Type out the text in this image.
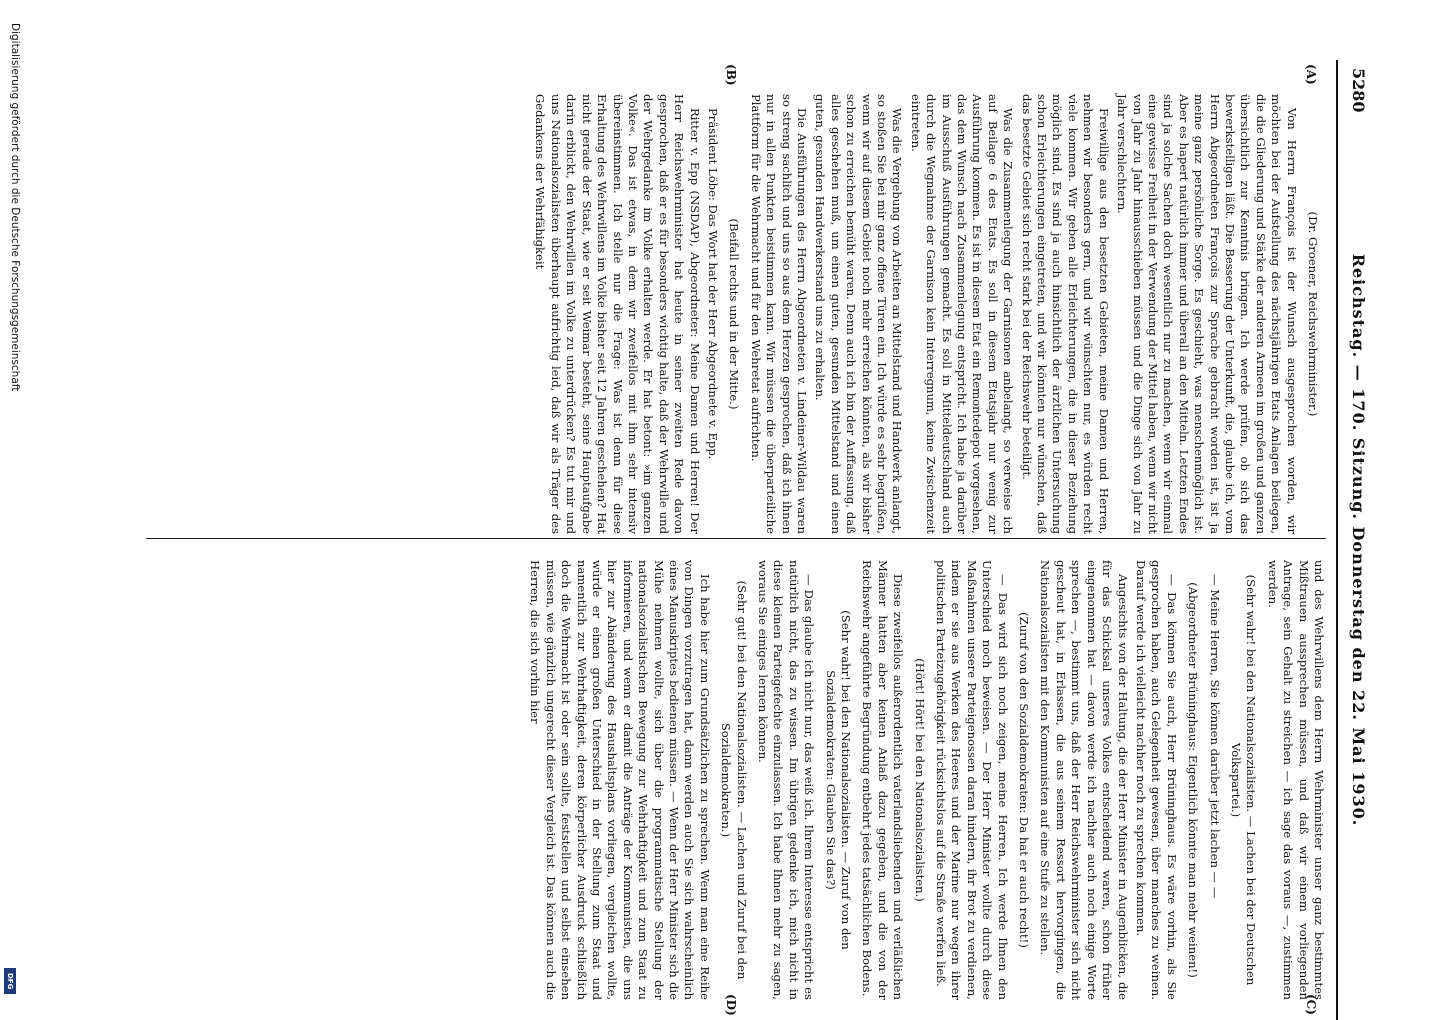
5280
Reichstag. — 170. Sitzung. Donnerstag den 22. Mai 1930.
(A)
(B)
(C)
(D)

(Dr. Groener, Reichswehrminister.)

Von Herrn François ist der Wunsch ausgesprochen worden, wir möchten bei der Aufstellung des nächstjährigen Etats Anlagen beilegen, die die Gliederung und Stärke der anderen Armeen im großen und ganzen übersichtlich zur Kenntnis bringen. Ich werde prüfen, ob sich das bewerkstelligen läßt. Die Besserung der Unterkunft, die, glaube ich, vom Herrn Abgeordneten François zur Sprache gebracht worden ist, ist ja meine ganz persönliche Sorge. Es geschieht, was menschenmöglich ist. Aber es hapert natürlich immer und überall an den Mitteln. Letzten Endes sind ja solche Sachen doch wesentlich nur zu machen, wenn wir einmal eine gewisse Freiheit in der Verwendung der Mittel haben, wenn wir nicht von Jahr zu Jahr hinausschieben müssen und die Dinge sich von Jahr zu Jahr verschlechtern.

Freiwillige aus den besetzten Gebieten, meine Damen und Herren, nehmen wir besonders gern, und wir wünschten nur, es würden recht viele kommen. Wir geben alle Erleichterungen, die in dieser Beziehung möglich sind. Es sind ja auch hinsichtlich der ärztlichen Untersuchung schon Erleichterungen eingetreten, und wir könnten nur wünschen, daß das besetzte Gebiet sich recht stark bei der Reichswehr beteiligt.

Was die Zusammenlegung der Garnisonen anbelangt, so verweise ich auf Beilage 6 des Etats. Es soll in diesem Etatsjahr nur wenig zur Ausführung kommen. Es ist in diesem Etat ein Remontedepot vorgesehen, das dem Wunsch nach Zusammenlegung entspricht. Ich habe ja darüber im Ausschuß Ausführungen gemacht. Es soll in Mitteldeutschland auch durch die Wegnahme der Garnison kein Interregnum, keine Zwischenzeit eintreten.

Was die Vergebung von Arbeiten an Mittelstand und Handwerk anlangt, so stoßen Sie bei mir ganz offene Türen ein. Ich würde es sehr begrüßen, wenn wir auf diesem Gebiet noch mehr erreichen könnten, als wir bisher schon zu erreichen bemüht waren. Denn auch ich bin der Auffassung, daß alles geschehen muß, um einen guten, gesunden Mittelstand und einen guten, gesunden Handwerkerstand uns zu erhalten.

Die Ausführungen des Herrn Abgeordneten v. Lindeiner-Wildau waren so streng sachlich und uns so aus dem Herzen gesprochen, daß ich ihnen nur in allen Punkten beistimmen kann. Wir müssen die überparteiliche Plattform für die Wehrmacht und für den Wehretat aufrichten.

(Beifall rechts und in der Mitte.)

Präsident Löbe: Das Wort hat der Herr Abgeordnete v. Epp.

Ritter v. Epp (NSDAP), Abgeordneter: Meine Damen und Herren! Der Herr Reichswehrminister hat heute in seiner zweiten Rede davon gesprochen, daß er es für besonders wichtig halte, daß der Wehrwille und der Wehrgedanke im Volke erhalten werde. Er hat betont: »im ganzen Volke«. Das ist etwas, in dem wir zweifellos mit ihm sehr intensiv übereinstimmen. Ich stelle nur die Frage: Was ist denn für diese Erhaltung des Wehrwillens im Volke bisher seit 12 Jahren geschehen? Hat nicht gerade der Staat, wie er seit Weimar besteht, seine Hauptaufgabe darin erblickt, den Wehrwillen im Volke zu unterdrücken? Es tut mir und uns Nationalsozialisten überhaupt aufrichtig leid, daß wir als Träger des Gedankens der Wehrfähigkeit

und des Wehrwillens dem Herrn Wehrminister unser ganz bestimmtes Mißtrauen aussprechen müssen, und daß wir einem vorliegenden Antrage, sein Gehalt zu streichen — ich sage das voraus —, zustimmen werden.

(Sehr wahr! bei den Nationalsozialisten. — Lachen bei der Deutschen Volkspartei.)

— Meine Herren, Sie können darüber jetzt lachen — —

(Abgeordneter Brüninghaus: Eigentlich könnte man mehr weinen!)

— Das können Sie auch, Herr Brüninghaus. Es wäre vorhin, als Sie gesprochen haben, auch Gelegenheit gewesen, über manches zu weinen. Darauf werde ich vielleicht nachher noch zu sprechen kommen.

Angesichts von der Haltung, die der Herr Minister in Augenblicken, die für das Schicksal unseres Volkes entscheidend waren, schon früher eingenommen hat — davon werde ich nachher auch noch einige Worte sprechen —, bestimmt uns, daß der Herr Reichswehrminister sich nicht gescheut hat, in Erlassen, die aus seinem Ressort hervorgingen, die Nationalsozialisten mit den Kommunisten auf eine Stufe zu stellen.

(Zuruf von den Sozialdemokraten: Da hat er auch recht!)

— Das wird sich noch zeigen, meine Herren. Ich werde Ihnen den Unterschied noch beweisen. — Der Herr Minister wollte durch diese Maßnahmen unsere Parteigenossen daran hindern, ihr Brot zu verdienen, indem er sie aus Werken des Heeres und der Marine nur wegen ihrer politischen Parteizugehörigkeit rücksichtslos auf die Straße werfen ließ.

(Hört! Hört! bei den Nationalsozialisten.)

Diese zweifellos außerordentlich vaterlandsliebenden und verläßlichen Männer hatten aber keinen Anlaß dazu gegeben, und die von der Reichswehr angeführte Begründung entbehrt jedes tatsächlichen Bodens.

(Sehr wahr! bei den Nationalsozialisten. — Zuruf von den Sozialdemokraten: Glauben Sie das?)

— Das glaube ich nicht nur, das weiß ich. Ihrem Interesse entspricht es natürlich nicht, das zu wissen. Im übrigen gedenke ich, mich nicht in diese kleinen Parteigefechte einzulassen. Ich habe Ihnen mehr zu sagen, woraus Sie einiges lernen können.

(Sehr gut! bei den Nationalsozialisten. — Lachen und Zuruf bei den Sozialdemokraten.)

Ich habe hier zum Grundsätzlichen zu sprechen. Wenn man eine Reihe von Dingen vorzutragen hat, dann werden auch Sie sich wahrscheinlich eines Manuskriptes bedienen müssen. — Wenn der Herr Minister sich die Mühe nehmen wollte, sich über die programmatische Stellung der nationalsozialistischen Bewegung zur Wehrhaftigkeit und zum Staat zu informieren, und wenn er damit die Anträge der Kommunisten, die uns hier zur Abänderung des Haushaltsplans vorliegen, vergleichen wollte, würde er einen großen Unterschied in der Stellung zum Staat und namentlich zur Wehrhaftigkeit, deren körperlicher Ausdruck schließlich doch die Wehrmacht ist oder sein sollte, feststellen und selbst einsehen müssen, wie gänzlich ungerecht dieser Vergleich ist. Das können auch die Herren, die sich vorhin hier

Digitalisierung gefördert durch die Deutsche Forschungsgemeinschaft
DFG
